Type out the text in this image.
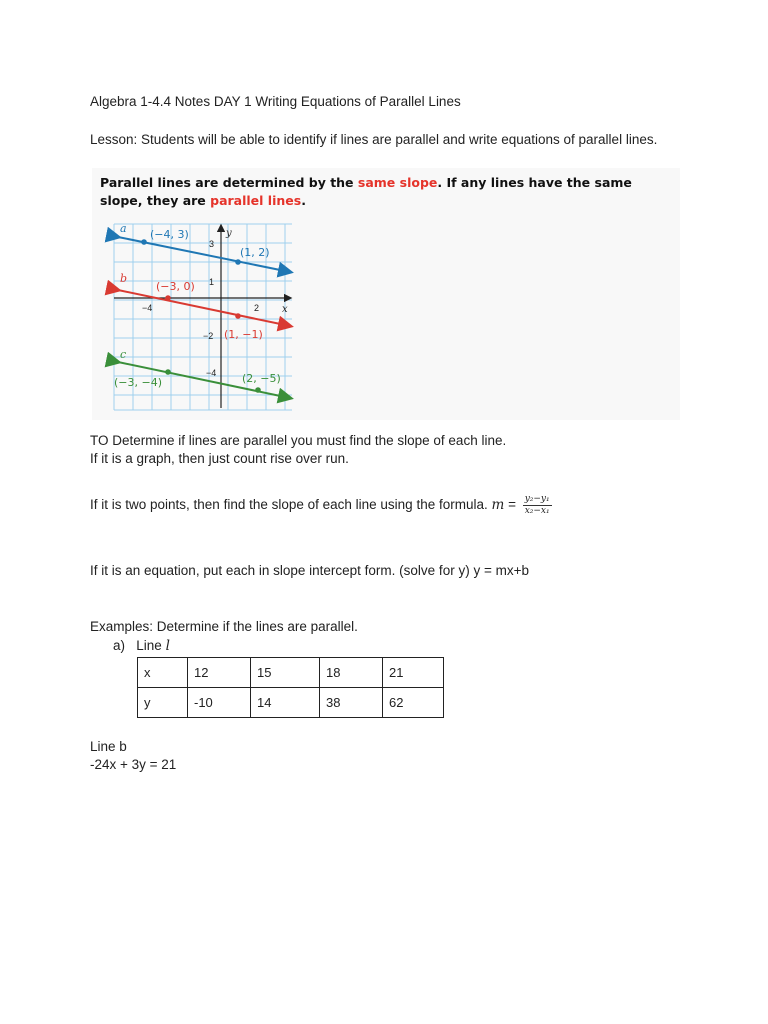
Algebra 1-4.4 Notes DAY 1 Writing Equations of Parallel Lines
Lesson: Students will be able to identify if lines are parallel and write equations of parallel lines.
Parallel lines are determined by the same slope. If any lines have the same slope, they are parallel lines.
x
y
3
1
−4	2
−2
−4
a (−4, 3)
(1, 2)
b
(−3, 0)
(1, −1)
c
(−3, −4)	(2, −5)
TO Determine if lines are parallel you must find the slope of each line.
If it is a graph, then just count rise over run.
If it is two points, then find the slope of each line using the formula. $m = \frac{\text{y₂−y₁}}{\text{x₂−x₁}}$
If it is an equation, put each in slope intercept form. (solve for y) y = mx+b
Examples: Determine if the lines are parallel.
a) Line l
x	12	15	18	21
y	-10	14	38	62
Line b
-24x + 3y = 21
